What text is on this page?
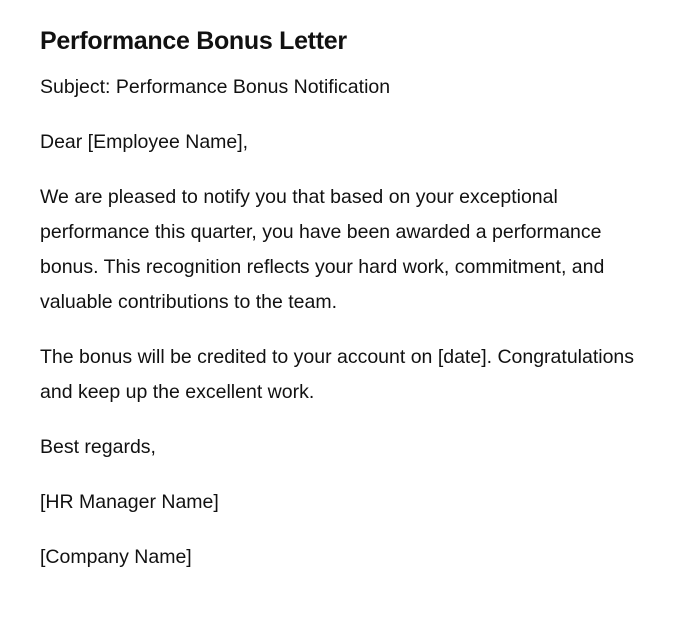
Performance Bonus Letter

Subject: Performance Bonus Notification

Dear [Employee Name],

We are pleased to notify you that based on your exceptional performance this quarter, you have been awarded a performance bonus. This recognition reflects your hard work, commitment, and valuable contributions to the team.

The bonus will be credited to your account on [date]. Congratulations and keep up the excellent work.

Best regards,

[HR Manager Name]

[Company Name]
